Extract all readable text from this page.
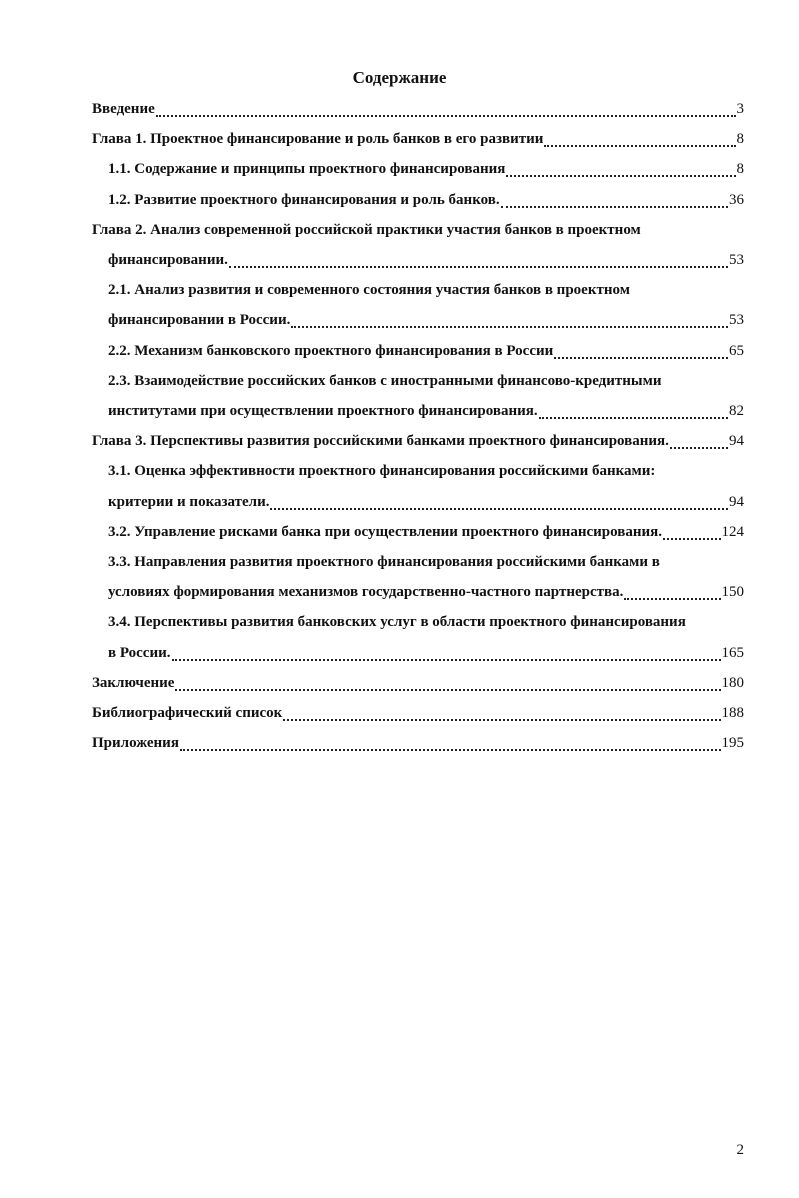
Содержание
Введение	3
Глава 1. Проектное финансирование и роль банков в его развитии	8
1.1. Содержание и принципы проектного финансирования	8
1.2. Развитие проектного финансирования и роль банков.	36
Глава 2. Анализ современной российской практики участия банков в проектном
финансировании.	53
2.1. Анализ развития и современного состояния участия банков в проектном
финансировании в России.	53
2.2. Механизм банковского проектного финансирования в России	65
2.3. Взаимодействие российских банков с иностранными финансово-кредитными
институтами при осуществлении проектного финансирования.	82
Глава 3. Перспективы развития российскими банками проектного финансирования.	94
3.1. Оценка эффективности проектного финансирования российскими банками:
критерии и показатели.	94
3.2. Управление рисками банка при осуществлении проектного финансирования.	124
3.3. Направления развития проектного финансирования российскими банками в
условиях формирования механизмов государственно-частного партнерства.	150
3.4. Перспективы развития банковских услуг в области проектного финансирования
в России.	165
Заключение	180
Библиографический список	188
Приложения	195
2
